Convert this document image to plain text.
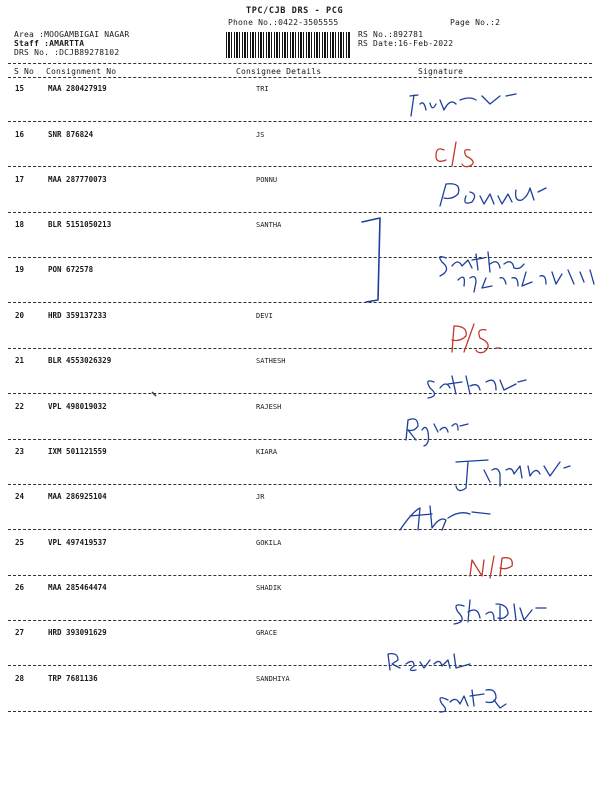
TPC/CJB DRS - PCG
Phone No.:0422-3505555	Page No.:2
Area :MOOGAMBIGAI NAGAR
Staff :AMARTTA
DRS No. :DCJB89278102
RS No.:892781
RS Date:16-Feb-2022
S No Consignment No	Consignee Details	Signature
15	MAA 280427919	TRI
16	SNR 876824	JS
17	MAA 287770073	PONNU
18	BLR 5151050213	SANTHA
19	PON 672578
20	HRD 359137233	DEVI
21	BLR 4553026329	SATHESH
22	VPL 498019032	RAJESH
23	IXM 501121559	KIARA
24	MAA 286925104	JR
25	VPL 497419537	GOKILA
26	MAA 285464474	SHADIK
27	HRD 393091629	GRACE
28	TRP 7681136	SANDHIYA
